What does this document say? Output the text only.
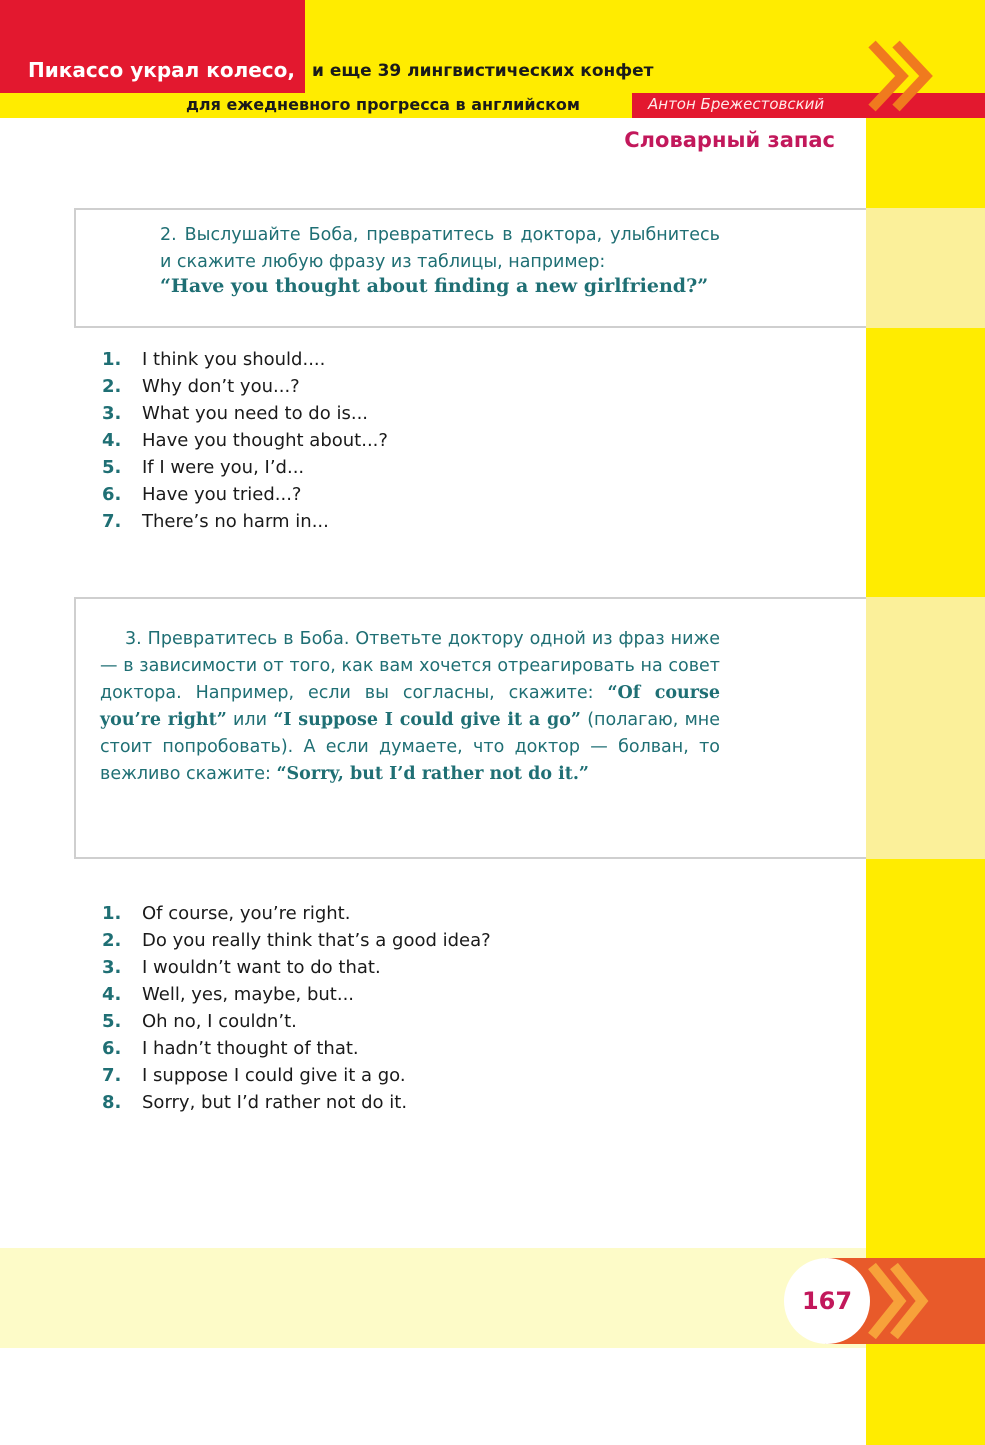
Пикассо украл колесо, и еще 39 лингвистических конфет
для ежедневного прогресса в английском	Антон Брежестовский
Словарный запас
2. Выслушайте Боба, превратитесь в доктора, улыбнитесь и скажите любую фразу из таблицы, например:
“Have you thought about finding a new girlfriend?”
1. I think you should....
2. Why don’t you...?
3. What you need to do is...
4. Have you thought about...?
5. If I were you, I’d...
6. Have you tried...?
7. There’s no harm in...
3. Превратитесь в Боба. Ответьте доктору одной из фраз ниже — в зависимости от того, как вам хочется отреагировать на совет доктора. Например, если вы согласны, скажите: “Of course you’re right” или “I suppose I could give it a go” (полагаю, мне стоит попробовать). А если думаете, что доктор — болван, то вежливо скажите: “Sorry, but I’d rather not do it.”
1. Of course, you’re right.
2. Do you really think that’s a good idea?
3. I wouldn’t want to do that.
4. Well, yes, maybe, but...
5. Oh no, I couldn’t.
6. I hadn’t thought of that.
7. I suppose I could give it a go.
8. Sorry, but I’d rather not do it.
167
